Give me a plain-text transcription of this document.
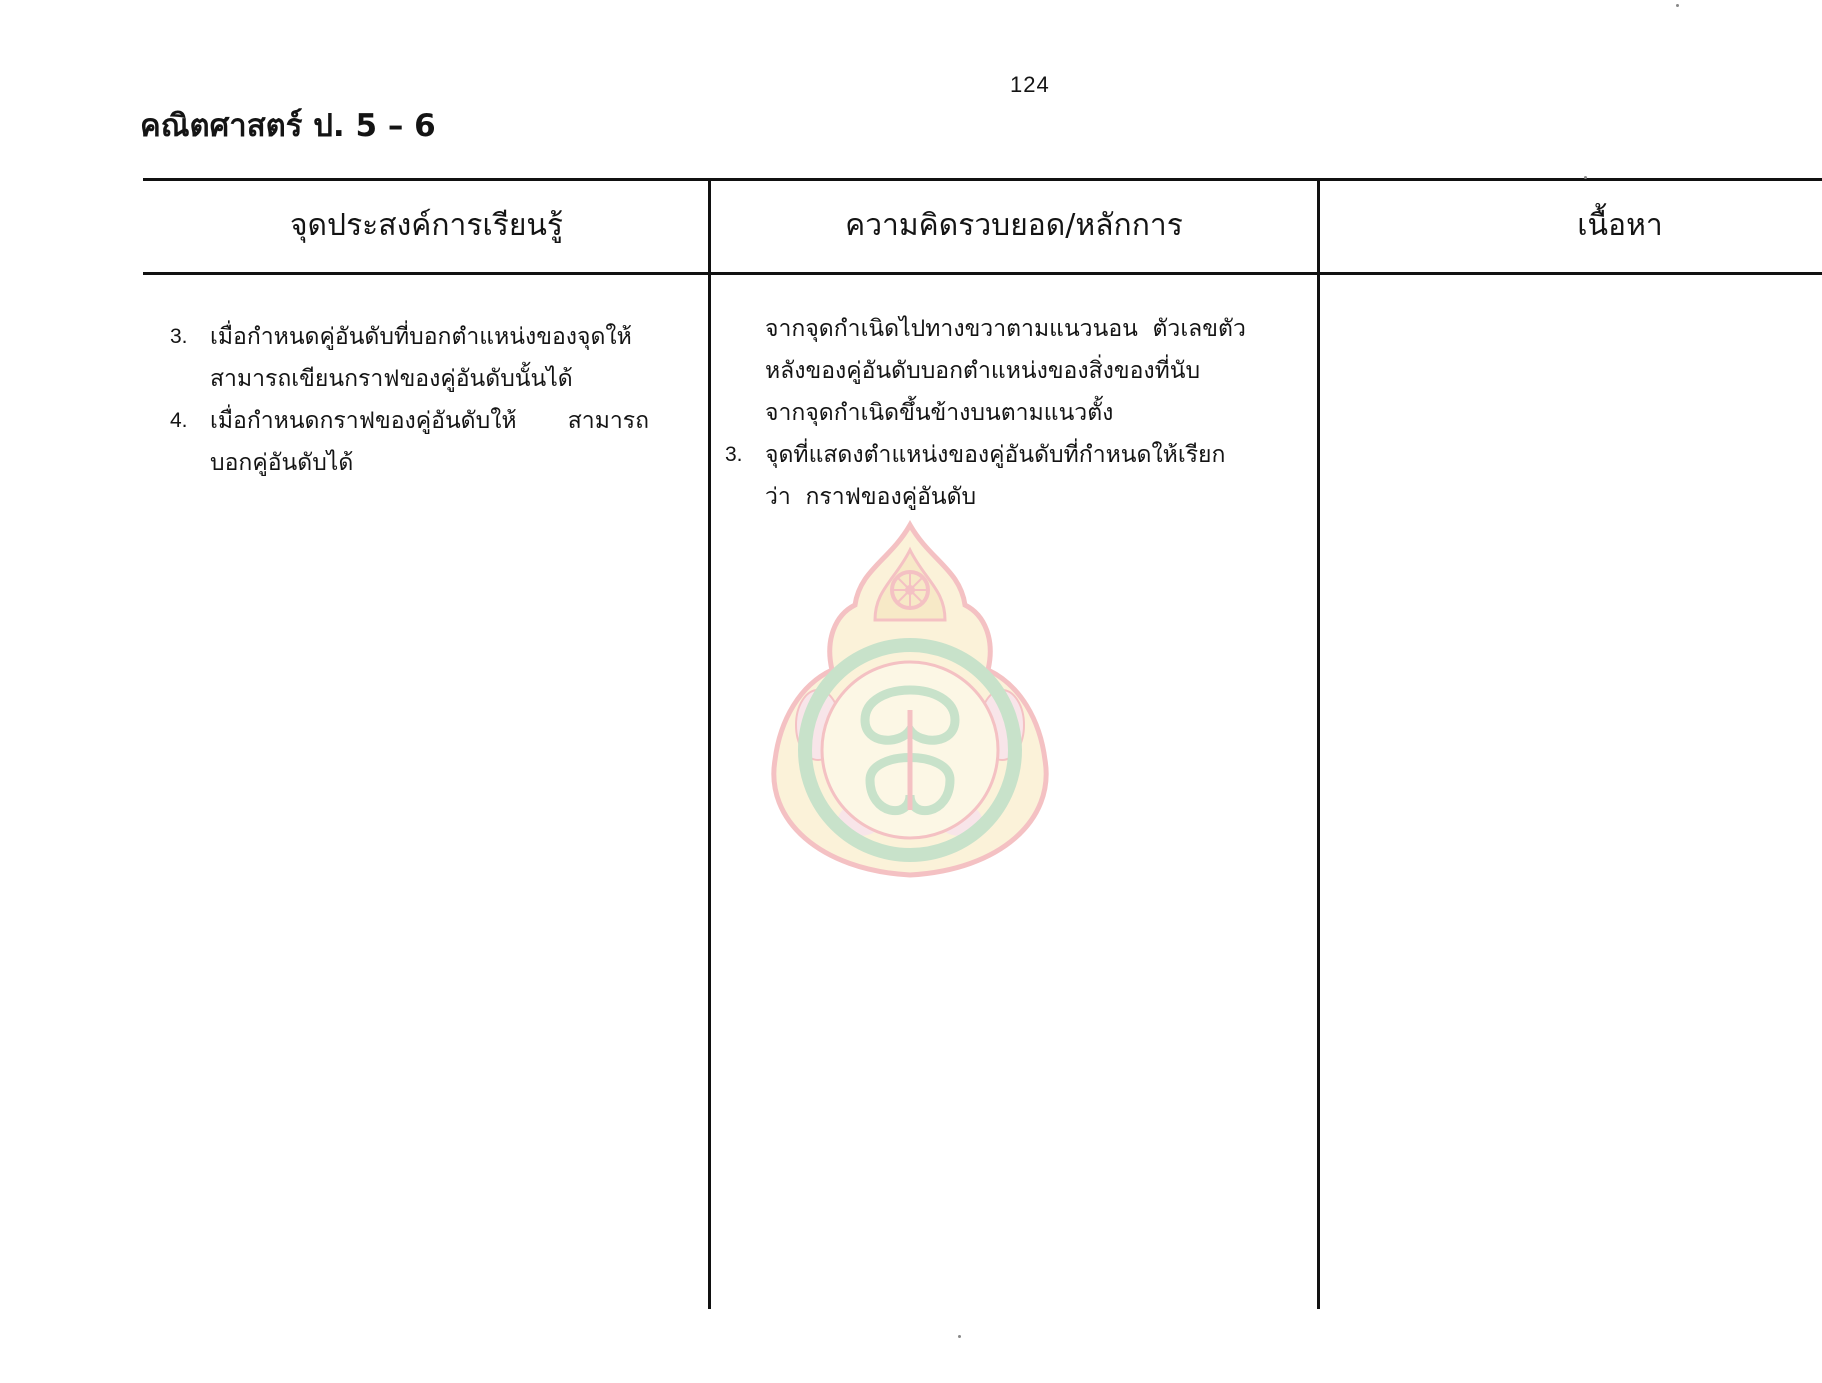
124
คณิตศาสตร์ ป. 5 – 6
จุดประสงค์การเรียนรู้	ความคิดรวบยอด/หลักการ	เนื้อหา
3. เมื่อกำหนดคู่อันดับที่บอกตำแหน่งของจุดให้
สามารถเขียนกราฟของคู่อันดับนั้นได้
4. เมื่อกำหนดกราฟของคู่อันดับให้       สามารถ
บอกคู่อันดับได้
จากจุดกำเนิดไปทางขวาตามแนวนอน  ตัวเลขตัว
หลังของคู่อันดับบอกตำแหน่งของสิ่งของที่นับ
จากจุดกำเนิดขึ้นข้างบนตามแนวตั้ง
3. จุดที่แสดงตำแหน่งของคู่อันดับที่กำหนดให้เรียก
ว่า  กราฟของคู่อันดับ
